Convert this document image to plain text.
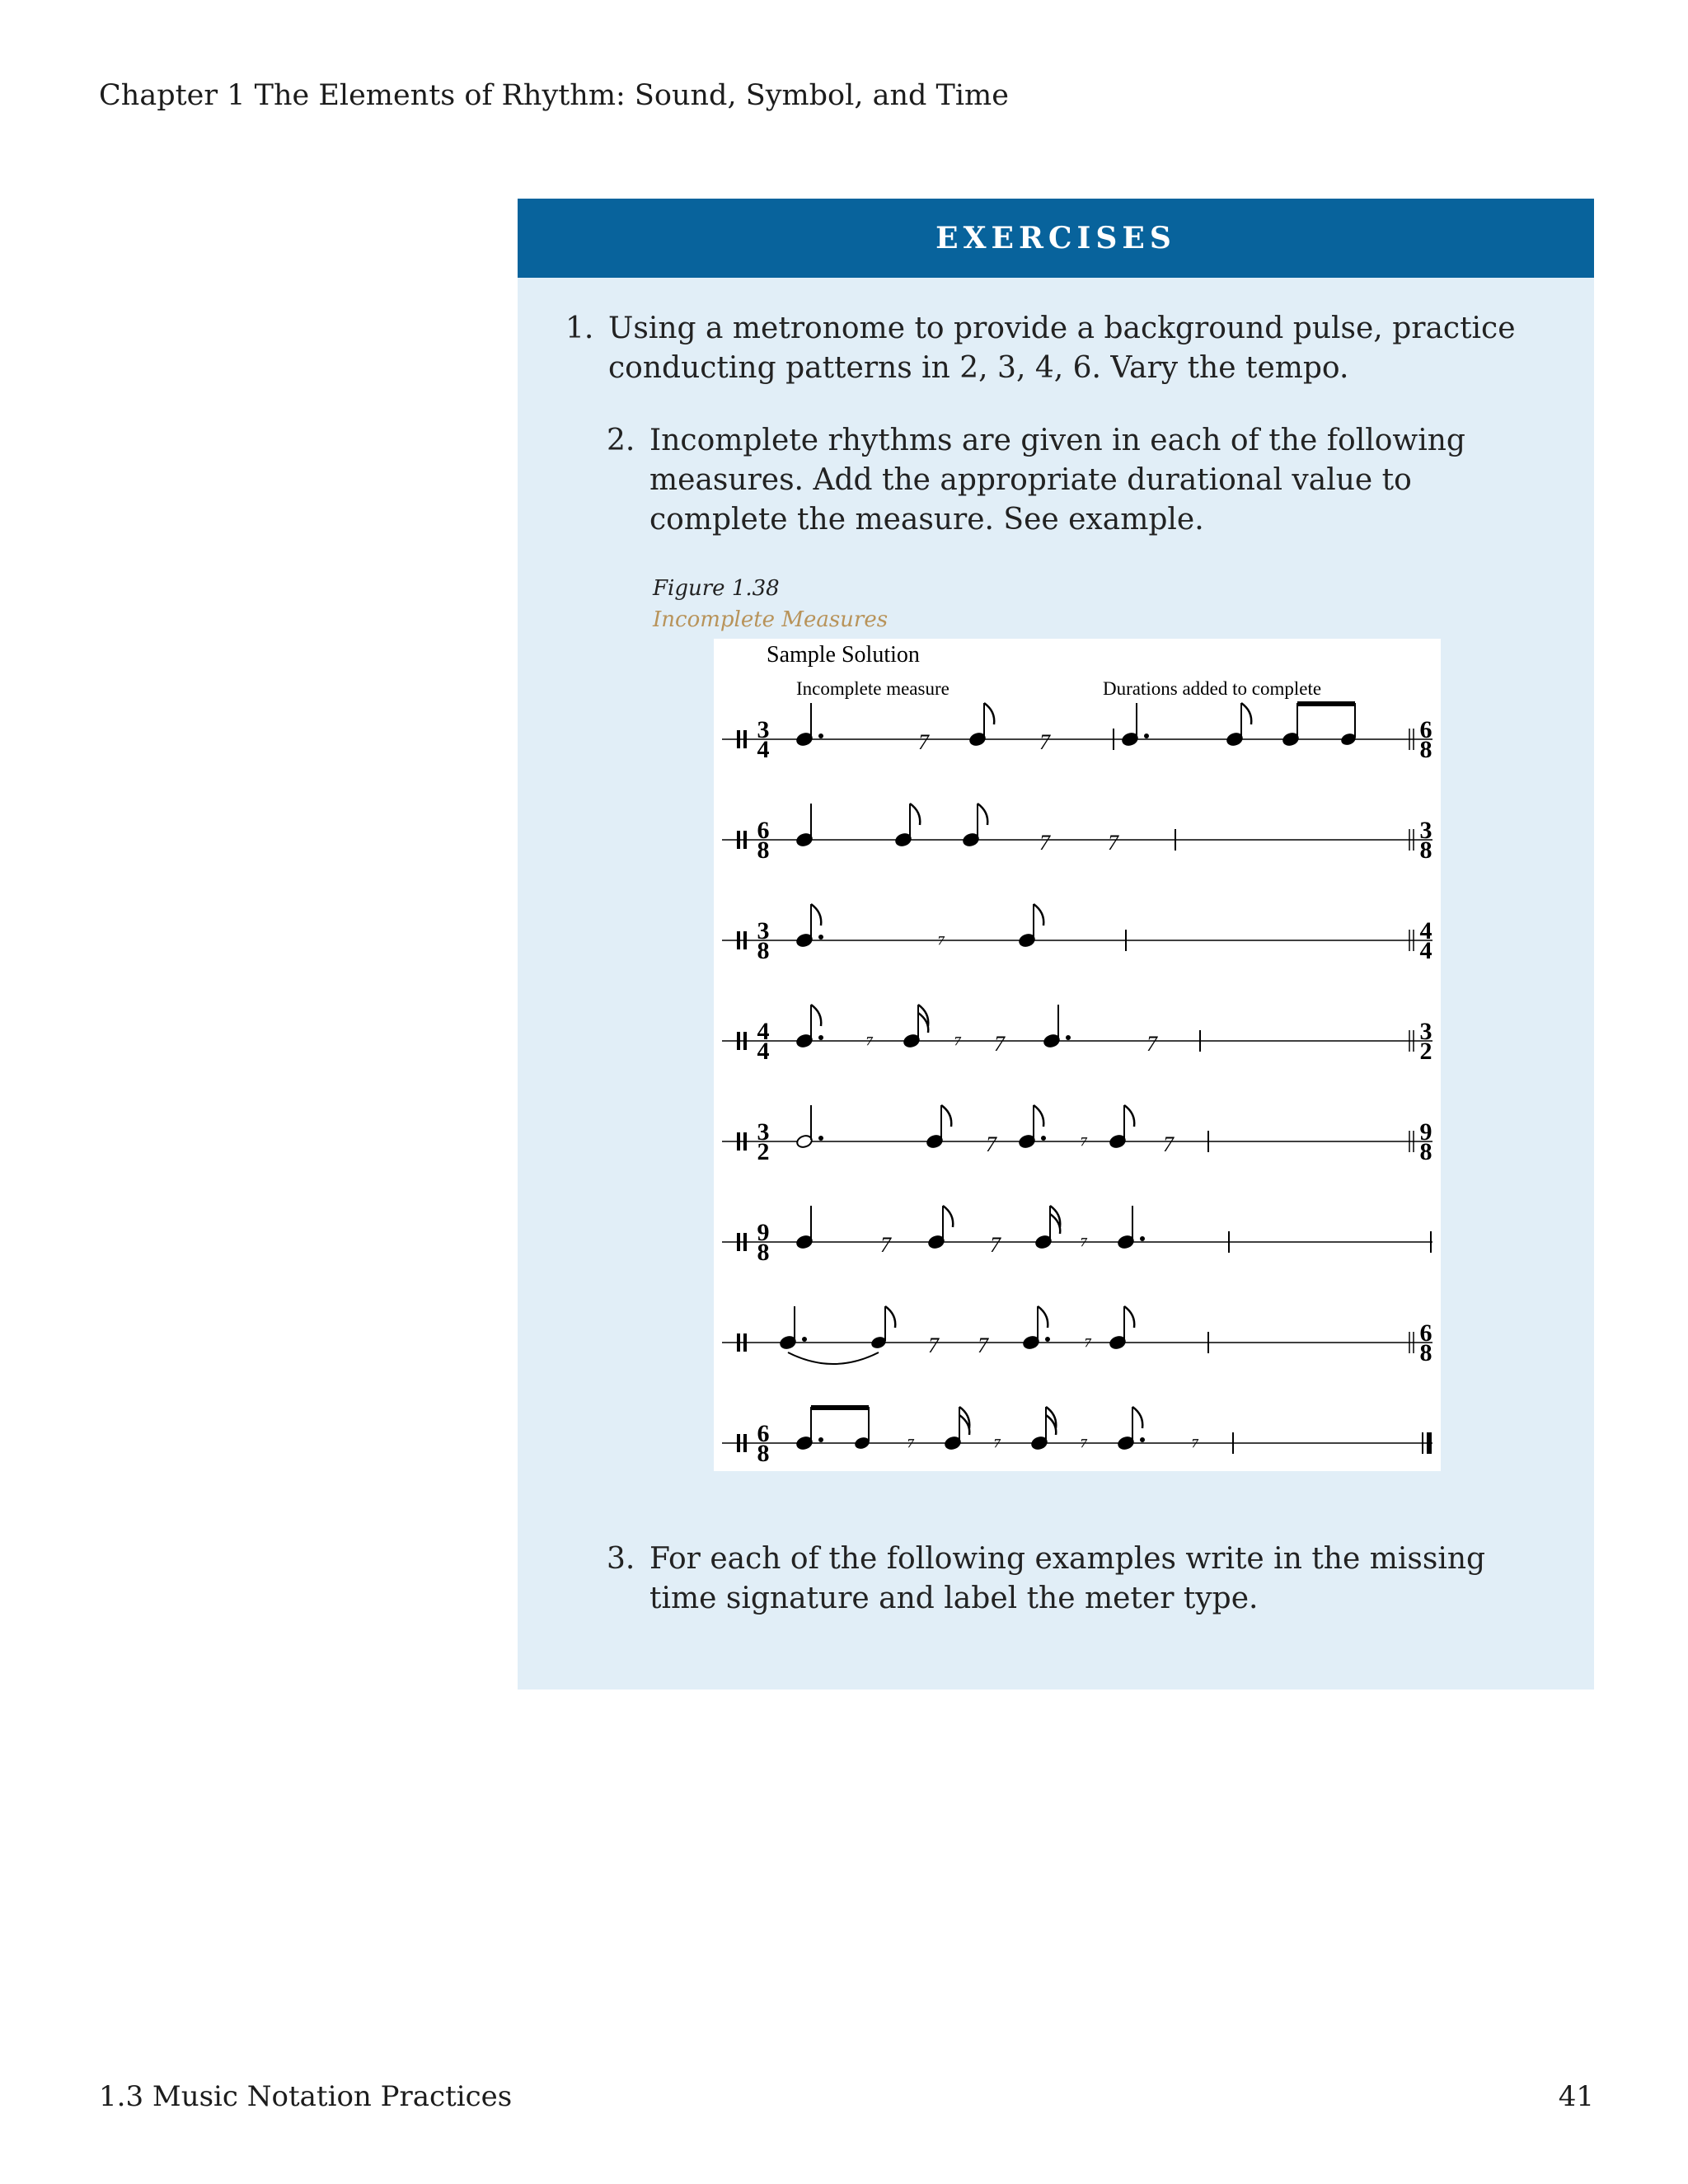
Chapter 1 The Elements of Rhythm: Sound, Symbol, and Time
EXERCISES
1. Using a metronome to provide a background pulse, practice conducting patterns in 2, 3, 4, 6. Vary the tempo.
2. Incomplete rhythms are given in each of the following measures. Add the appropriate durational value to complete the measure. See example.
Figure 1.38
Incomplete Measures
Sample Solution
Incomplete measure	Durations added to complete
3
4	7	7	6
8
6
8	7	7	3
8
3
8	⁷	4
4
4
4	⁷	⁷ 7	7	3
2
3
2	7	⁷	7	9
8
9
8	7	7	⁷
7 7	⁷	6
8
6
8	⁷	⁷	⁷	⁷
3. For each of the following examples write in the missing time signature and label the meter type.
1.3 Music Notation Practices	41
